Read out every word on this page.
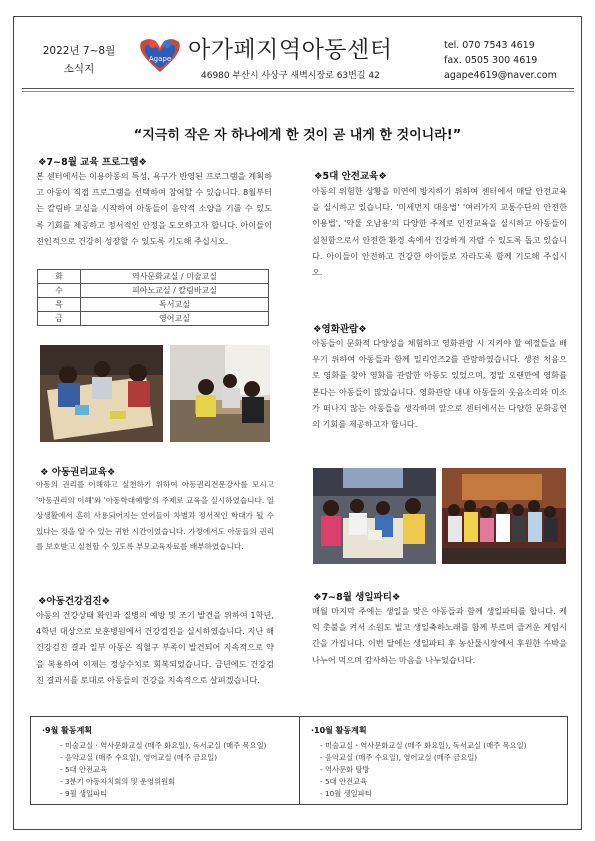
2022년 7~8월
소식지
Agape 아가페지역아동센터
46980 부산시 사상구 새벽시장로 63번길 42
tel. 070 7543 4619
fax. 0505 300 4619
agape4619@naver.com
“지극히 작은 자 하나에게 한 것이 곧 내게 한 것이니라!”
❖7~8월 교육 프로그램❖
본 센터에서는 이용아동의 특성, 욕구가 반영된 프로그램을 계획하고 아동이 직접 프로그램을 선택하여 참여할 수 있습니다. 8월부터는 칼림바 교실을 시작하여 아동들이 음악적 소양을 기를 수 있도록 기회를 제공하고 정서적인 안정을 도모하고자 합니다. 아이들이 전인적으로 건강히 성장할 수 있도록 기도해 주십시오.
화	역사문화교실 / 미술교실
수	피아노교실 / 칼림바교실
목	독서교실
금	영어교실
❖ 아동권리교육❖
아동의 권리를 이해하고 실천하기 위하여 아동권리전문강사를 모시고 '아동권리의 이해'와 '아동학대예방'의 주제로 교육을 실시하였습니다. 일상생활에서 흔히 사용되어지는 언어들이 차별과 정서적인 학대가 될 수 있다는 것을 알 수 있는 귀한 시간이었습니다. 가정에서도 아동들의 권리를 보호받고 실천할 수 있도록 부모교육자료를 배부하였습니다.
❖아동건강검진❖
아동의 건강상태 확인과 질병의 예방 및 조기 발견을 위하여 1학년, 4학년 대상으로 보훈병원에서 건강검진을 실시하였습니다. 지난 해 건강검진 결과 일부 아동은 직혈구 부족이 발견되어 지속적으로 약을 복용하여 이제는 정상수치로 회복되었습니다. 금년에도 건강검진 결과서를 토대로 아동들의 건강을 지속적으로 살펴겠습니다.
❖5대 안전교육❖
아동의 위험한 상황을 미연에 방지하기 위하여 센터에서 매달 안전교육을 실시하고 있습니다. '미세먼지 대응법' '여러가지 교통수단의 안전한 이용법', '약물 오남용'의 다양한 주제로 인전교육을 실시하고 아동들이 실천함으로서 안전한 환경 속에서 건강하게 자랄 수 있도록 돕고 있습니다. 아이들이 안전하고 건강한 아이들로 자라도록 함께 기도해 주십시오.
❖영화관람❖
아동들이 문화적 다양성을 체험하고 영화관람 시 지켜야 할 예절들을 배우기 위하여 아동들과 함께 밀리언즈2를 관람하였습니다. 생전 처음으로 영화를 찾아 영화를 관람한 아동도 있었으며, 정말 오랜만에 영화를 본다는 아동들이 많았습니다. 영화관람 내내 아동들의 웃음소리와 미소가 떠나지 않는 아동들을 생각하며 앞으로 센터에서는 다양한 문화공연의 기회를 제공하고자 합니다.
❖7~8월 생일파티❖
매월 마지막 주에는 생일을 맞은 아동들과 함께 생일파티를 합니다. 케익 촛불을 켜서 소원도 빌고 생일축하노래를 함께 부르며 즐거운 게임시간을 가집니다. 이번 달에는 생일파티 후 농산물시장에서 후원한 수박을 나누어 먹으며 감사하는 마음을 나누었습니다.
·9월 활동계획
- 미술교실ㆍ역사문화교실 (매주 화요일), 독서교실 (매주 목요일)
- 음악교실 (매주 수요일), 영어교실 (매주 금요일)
- 5대 안전교육
- 3분기 아동자치회의 및 운영위원회
- 9월 생일파티
·10월 활동계획
- 미술교실ㆍ역사문화교실 (매주 화요일), 독서교실 (매주 목요일)
- 음악교실 (매주 수요일), 영어교실 (매주 금요일)
- 역사문화 탐방
- 5대 안전교육
- 10월 생일파티
